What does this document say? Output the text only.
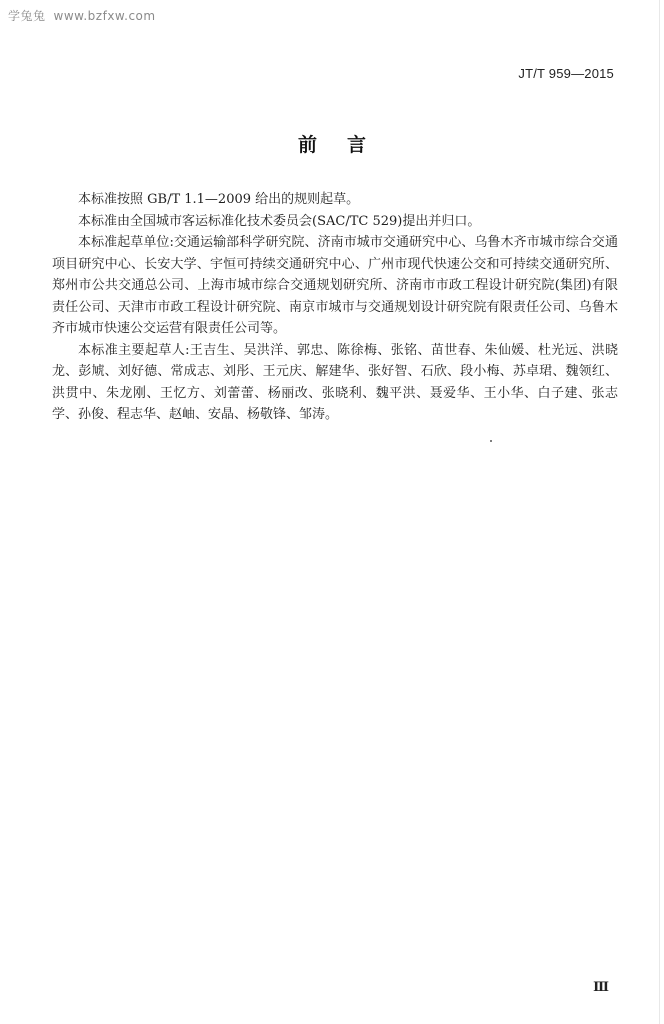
学兔兔 www.bzfxw.com
JT/T 959—2015
前言

本标准按照 GB/T 1.1—2009 给出的规则起草。

本标准由全国城市客运标准化技术委员会(SAC/TC 529)提出并归口。

本标准起草单位:交通运输部科学研究院、济南市城市交通研究中心、乌鲁木齐市城市综合交通项目研究中心、长安大学、宇恒可持续交通研究中心、广州市现代快速公交和可持续交通研究所、郑州市公共交通总公司、上海市城市综合交通规划研究所、济南市市政工程设计研究院(集团)有限责任公司、天津市市政工程设计研究院、南京市城市与交通规划设计研究院有限责任公司、乌鲁木齐市城市快速公交运营有限责任公司等。

本标准主要起草人:王吉生、吴洪洋、郭忠、陈徐梅、张铭、苗世春、朱仙媛、杜光远、洪晓龙、彭虓、刘好德、常成志、刘彤、王元庆、解建华、张好智、石欣、段小梅、苏卓珺、魏领红、洪贯中、朱龙刚、王忆方、刘蕾蕾、杨丽改、张晓利、魏平洪、聂爱华、王小华、白子建、张志学、孙俊、程志华、赵岫、安晶、杨敬锋、邹涛。

Ⅲ
